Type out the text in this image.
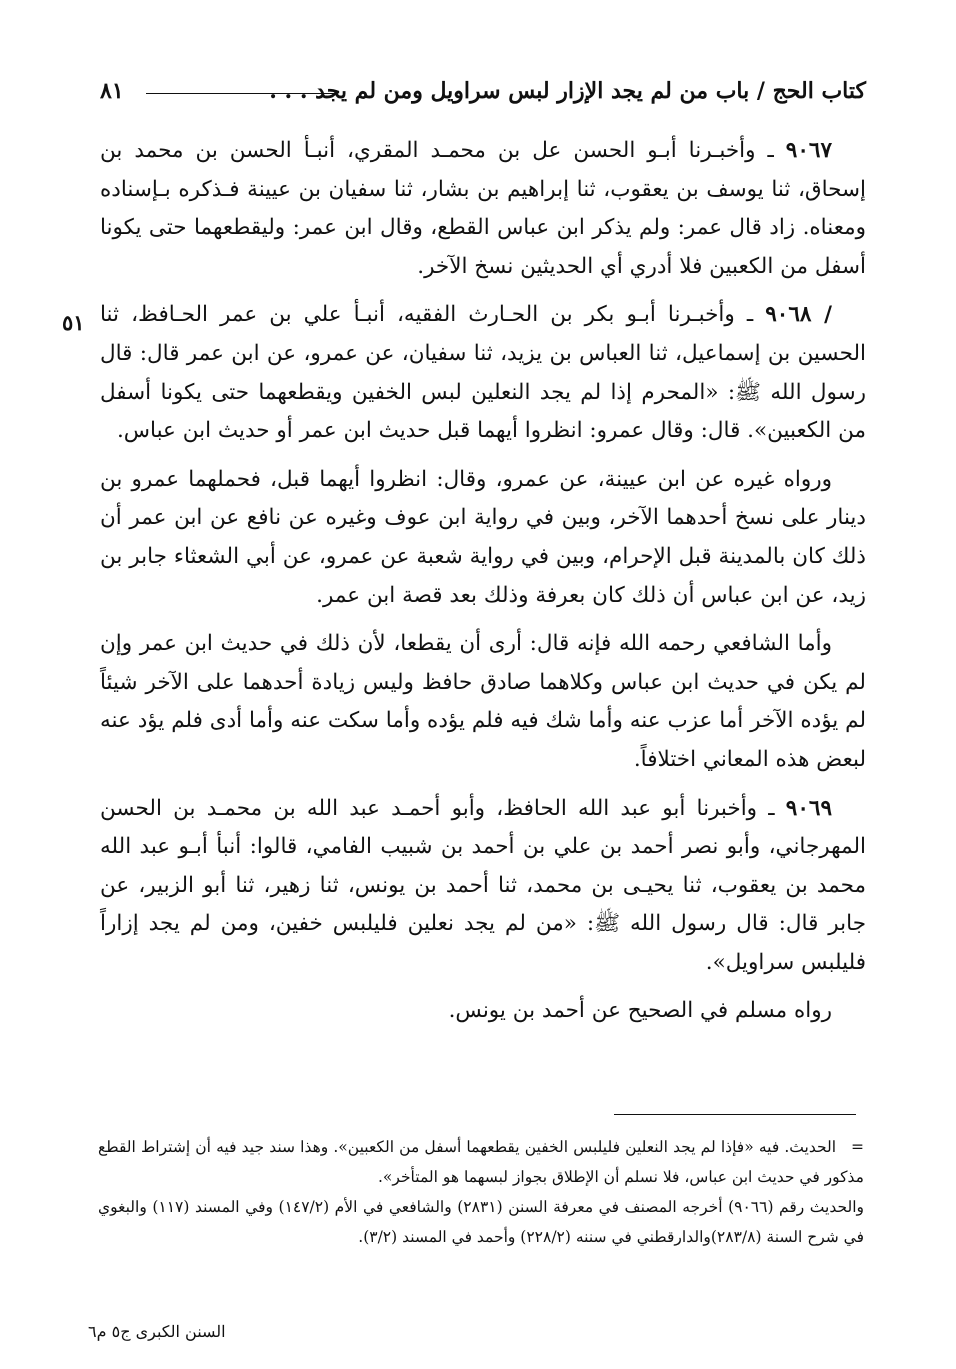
كتاب الحج / باب من لم يجد الإزار لبس سراويل ومن لم يجد . . .
٨١
٥١

٩٠٦٧ ـ وأخبـرنا أبـو الحسن عل بن محمـد المقري، أنبـأ الحسن بن محمد بن إسحاق، ثنا يوسف بن يعقوب، ثنا إبراهيم بن بشار، ثنا سفيان بن عيينة فـذكره بـإسناده ومعناه. زاد قال عمر: ولم يذكر ابن عباس القطع، وقال ابن عمر: وليقطعهما حتى يكونا أسفل من الكعبين فلا أدري أي الحديثين نسخ الآخر.

/ ٩٠٦٨ ـ وأخبـرنا أبـو بكر بن الحـارث الفقيه، أنبـأ علي بن عمر الحـافظ، ثنا الحسين بن إسماعيل، ثنا العباس بن يزيد، ثنا سفيان، عن عمرو، عن ابن عمر قال: قال رسول الله ﷺ: «المحرم إذا لم يجد النعلين لبس الخفين ويقطعهما حتى يكونا أسفل من الكعبين». قال: وقال عمرو: انظروا أيهما قبل حديث ابن عمر أو حديث ابن عباس.

ورواه غيره عن ابن عيينة، عن عمرو، وقال: انظروا أيهما قبل، فحملهما عمرو بن دينار على نسخ أحدهما الآخر، وبين في رواية ابن عوف وغيره عن نافع عن ابن عمر أن ذلك كان بالمدينة قبل الإحرام، وبين في رواية شعبة عن عمرو، عن أبي الشعثاء جابر بن زيد، عن ابن عباس أن ذلك كان بعرفة وذلك بعد قصة ابن عمر.

وأما الشافعي رحمه الله فإنه قال: أرى أن يقطعا، لأن ذلك في حديث ابن عمر وإن لم يكن في حديث ابن عباس وكلاهما صادق حافظ وليس زيادة أحدهما على الآخر شيئاً لم يؤده الآخر أما عزب عنه وأما شك فيه فلم يؤده وأما سكت عنه وأما أدى فلم يؤد عنه لبعض هذه المعاني اختلافاً.

٩٠٦٩ ـ وأخبرنا أبو عبد الله الحافظ، وأبو أحمـد عبد الله بن محمـد بن الحسن المهرجاني، وأبو نصر أحمد بن علي بن أحمد بن شبيب الفامي، قالوا: أنبأ أبـو عبد الله محمد بن يعقوب، ثنا يحيـى بن محمد، ثنا أحمد بن يونس، ثنا زهير، ثنا أبو الزبير، عن جابر قال: قال رسول الله ﷺ: «من لم يجد نعلين فليلبس خفين، ومن لم يجد إزاراً فليلبس سراويل».

رواه مسلم في الصحيح عن أحمد بن يونس.

=الحديث. فيه «فإذا لم يجد النعلين فليلبس الخفين يقطعهما أسفل من الكعبين». وهذا سند جيد فيه أن إشتراط القطع مذكور في حديث ابن عباس، فلا نسلم أن الإطلاق بجواز لبسهما هو المتأخر».

والحديث رقم (٩٠٦٦) أخرجه المصنف في معرفة السنن (٢٨٣١) والشافعي في الأم (١٤٧/٢) وفي المسند (١١٧) والبغوي في شرح السنة (٢٨٣/٨)والدارقطني في سننه (٢٢٨/٢) وأحمد في المسند (٣/٢).

السنن الكبرى ج٥ م٦
